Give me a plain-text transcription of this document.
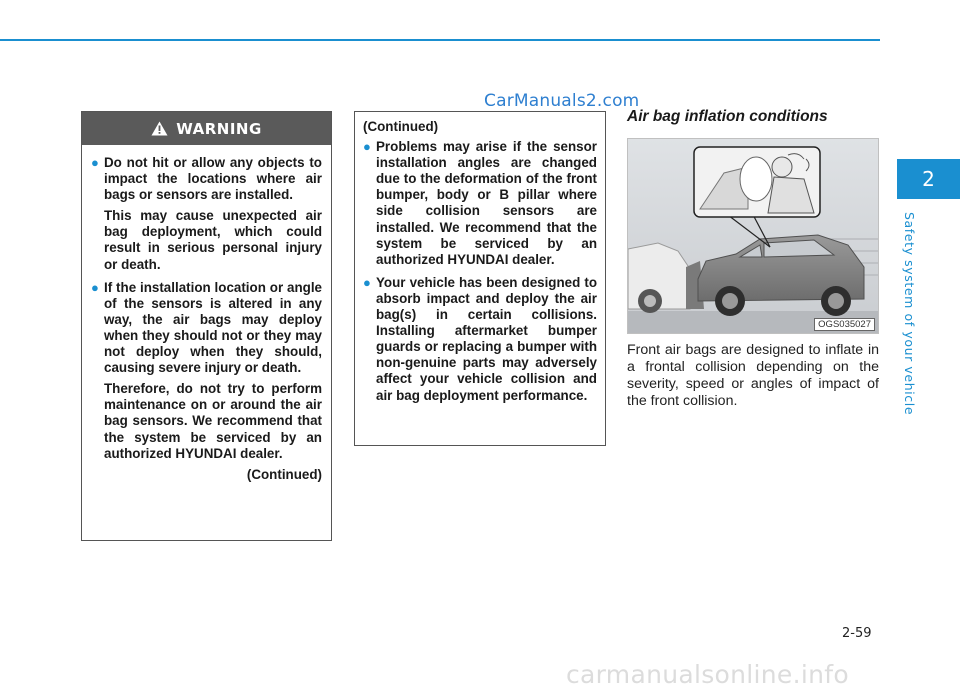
CarManuals2.com
WARNING
● Do not hit or allow any objects to impact the locations where air bags or sensors are installed.
This may cause unexpected air bag deployment, which could result in serious personal injury or death.
● If the installation location or angle of the sensors is altered in any way, the air bags may deploy when they should not or they may not deploy when they should, causing severe injury or death.
Therefore, do not try to perform maintenance on or around the air bag sensors. We recommend that the system be serviced by an authorized HYUNDAI dealer.
(Continued)
(Continued)
● Problems may arise if the sensor installation angles are changed due to the deformation of the front bumper, body or B pillar where side collision sensors are installed. We recommend that the system be serviced by an authorized HYUNDAI dealer.
● Your vehicle has been designed to absorb impact and deploy the air bag(s) in certain collisions. Installing aftermarket bumper guards or replacing a bumper with non-genuine parts may adversely affect your vehicle collision and air bag deployment performance.
Air bag inflation conditions
OGS035027
Front air bags are designed to inflate in a frontal collision depending on the severity, speed or angles of impact of the front collision.
2
Safety system of your vehicle
2-59
carmanualsonline.info
